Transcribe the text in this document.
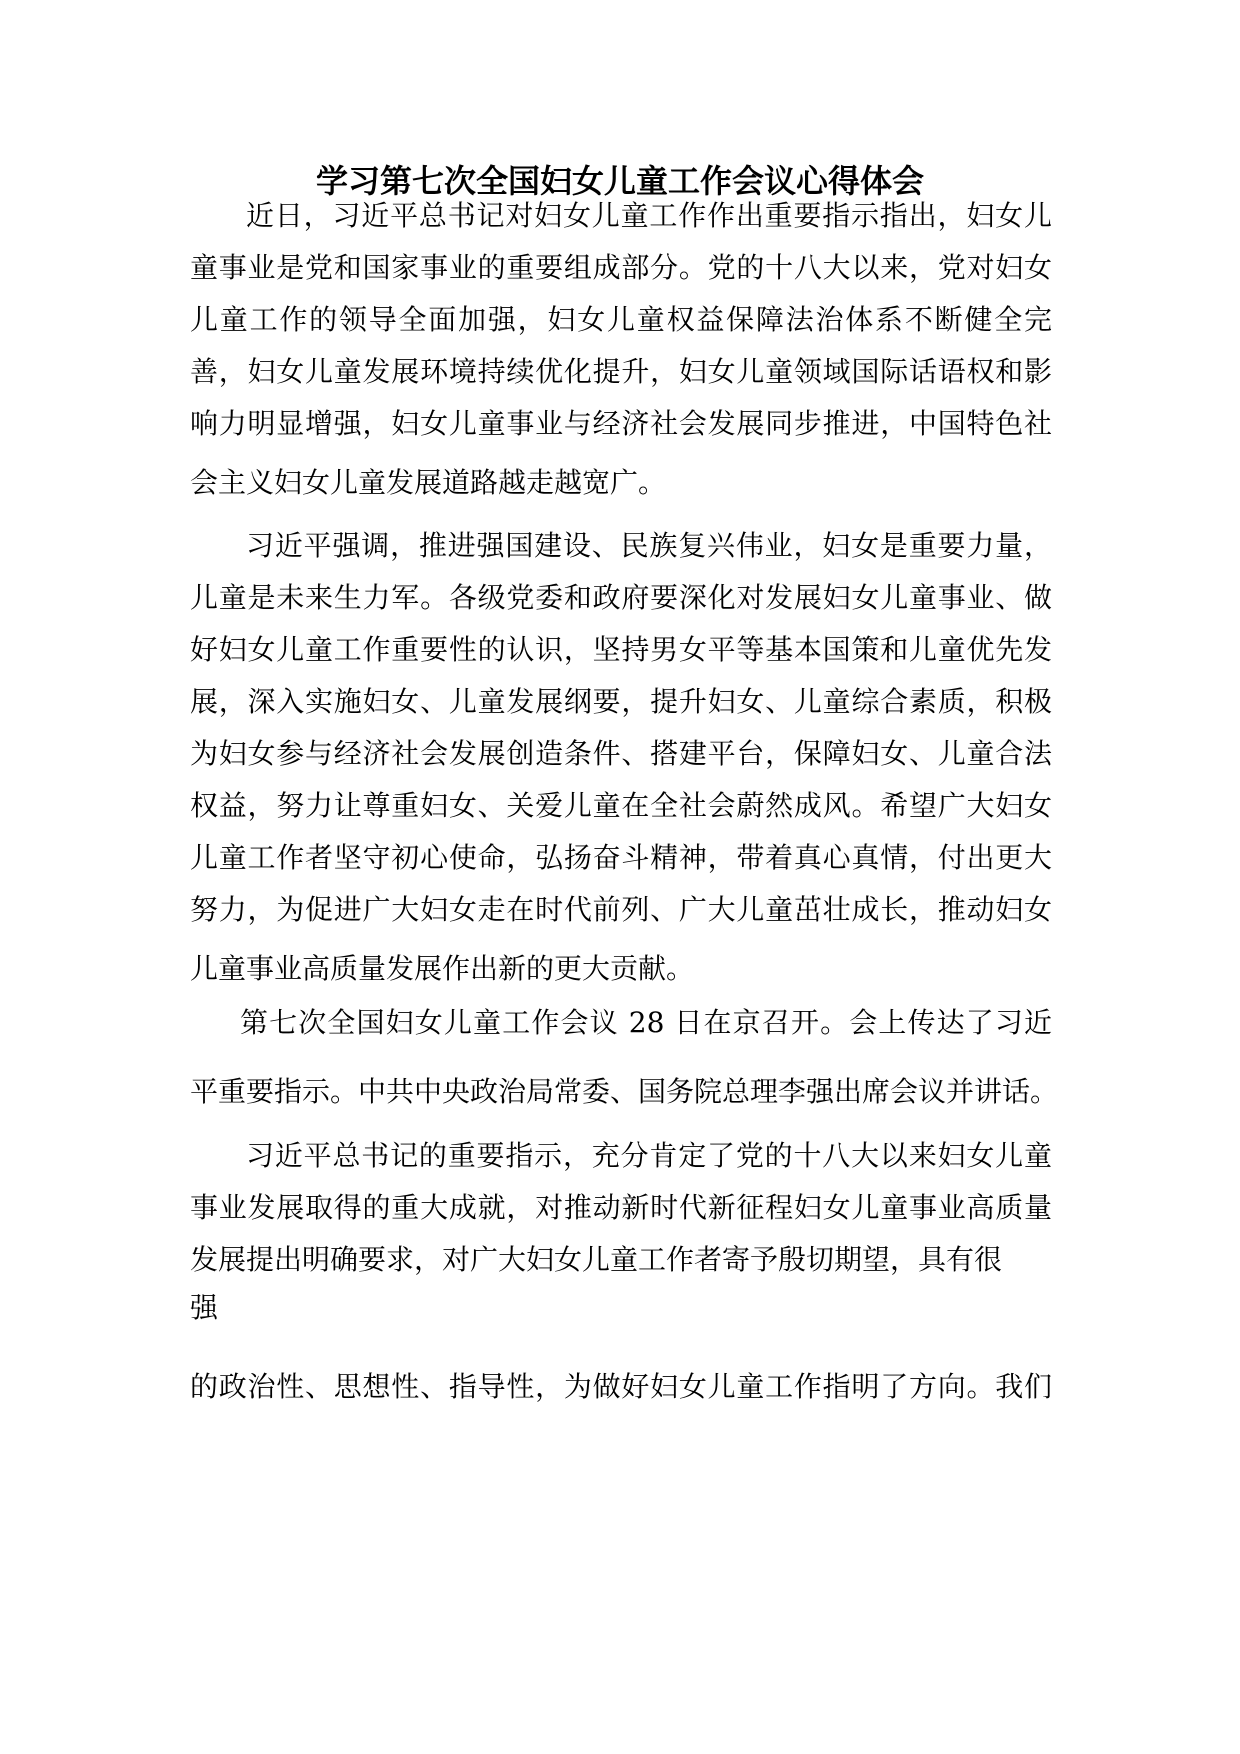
学习第七次全国妇女儿童工作会议心得体会
近日，习近平总书记对妇女儿童工作作出重要指示指出，妇女儿
童事业是党和国家事业的重要组成部分。党的十八大以来，党对妇女
儿童工作的领导全面加强，妇女儿童权益保障法治体系不断健全完
善，妇女儿童发展环境持续优化提升，妇女儿童领域国际话语权和影
响力明显增强，妇女儿童事业与经济社会发展同步推进，中国特色社
会主义妇女儿童发展道路越走越宽广。
习近平强调，推进强国建设、民族复兴伟业，妇女是重要力量，
儿童是未来生力军。各级党委和政府要深化对发展妇女儿童事业、做
好妇女儿童工作重要性的认识，坚持男女平等基本国策和儿童优先发
展，深入实施妇女、儿童发展纲要，提升妇女、儿童综合素质，积极
为妇女参与经济社会发展创造条件、搭建平台，保障妇女、儿童合法
权益，努力让尊重妇女、关爱儿童在全社会蔚然成风。希望广大妇女
儿童工作者坚守初心使命，弘扬奋斗精神，带着真心真情，付出更大
努力，为促进广大妇女走在时代前列、广大儿童茁壮成长，推动妇女
儿童事业高质量发展作出新的更大贡献。
第七次全国妇女儿童工作会议 28 日在京召开。会上传达了习近
平重要指示。中共中央政治局常委、国务院总理李强出席会议并讲话。
习近平总书记的重要指示，充分肯定了党的十八大以来妇女儿童
事业发展取得的重大成就，对推动新时代新征程妇女儿童事业高质量
发展提出明确要求，对广大妇女儿童工作者寄予殷切期望，具有很
强
的政治性、思想性、指导性，为做好妇女儿童工作指明了方向。我们
